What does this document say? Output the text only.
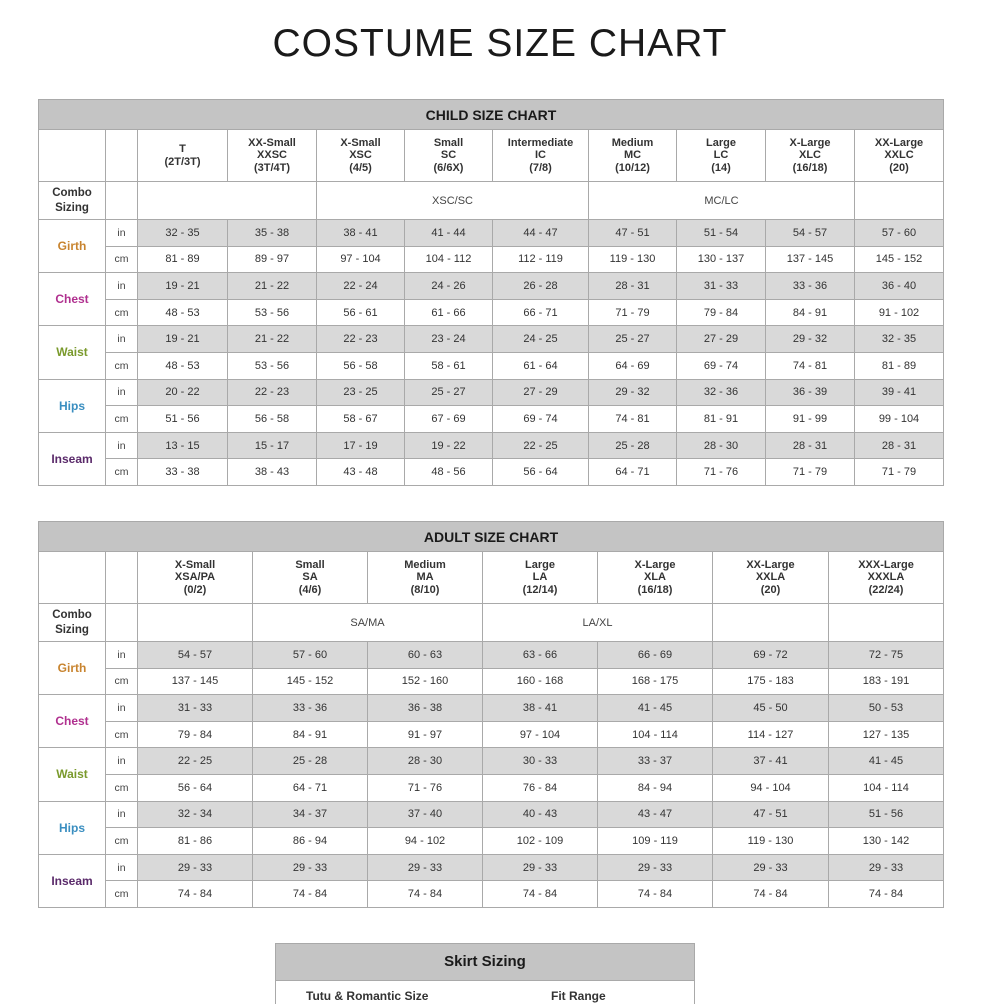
COSTUME SIZE CHART
CHILD SIZE CHART										

		T
(2T/3T)	XX-Small
XXSC
(3T/4T)	X-Small
XSC
(4/5)	Small
SC
(6/6X)	Intermediate
IC
(7/8)	Medium
MC
(10/12)	Large
LC
(14)	X-Large
XLC
(16/18)	XX-Large
XXLC
(20)

Combo Sizing				XSC/SC			MC/LC			
Girth	in	32 - 35	35 - 38	38 - 41	41 - 44	44 - 47	47 - 51	51 - 54	54 - 57	57 - 60
	cm	81 - 89	89 - 97	97 - 104	104 - 112	112 - 119	119 - 130	130 - 137	137 - 145	145 - 152
Chest	in	19 - 21	21 - 22	22 - 24	24 - 26	26 - 28	28 - 31	31 - 33	33 - 36	36 - 40
	cm	48 - 53	53 - 56	56 - 61	61 - 66	66 - 71	71 - 79	79 - 84	84 - 91	91 - 102
Waist	in	19 - 21	21 - 22	22 - 23	23 - 24	24 - 25	25 - 27	27 - 29	29 - 32	32 - 35
	cm	48 - 53	53 - 56	56 - 58	58 - 61	61 - 64	64 - 69	69 - 74	74 - 81	81 - 89
Hips	in	20 - 22	22 - 23	23 - 25	25 - 27	27 - 29	29 - 32	32 - 36	36 - 39	39 - 41
	cm	51 - 56	56 - 58	58 - 67	67 - 69	69 - 74	74 - 81	81 - 91	91 - 99	99 - 104
Inseam	in	13 - 15	15 - 17	17 - 19	19 - 22	22 - 25	25 - 28	28 - 30	28 - 31	28 - 31
	cm	33 - 38	38 - 43	43 - 48	48 - 56	56 - 64	64 - 71	71 - 76	71 - 79	71 - 79
ADULT SIZE CHART								

		X-Small
XSA/PA
(0/2)	Small
SA
(4/6)	Medium
MA
(8/10)	Large
LA
(12/14)	X-Large
XLA
(16/18)	XX-Large
XXLA
(20)	XXX-Large
XXXLA
(22/24)

Combo Sizing			SA/MA		LA/XL			
Girth	in	54 - 57	57 - 60	60 - 63	63 - 66	66 - 69	69 - 72	72 - 75
	cm	137 - 145	145 - 152	152 - 160	160 - 168	168 - 175	175 - 183	183 - 191
Chest	in	31 - 33	33 - 36	36 - 38	38 - 41	41 - 45	45 - 50	50 - 53
	cm	79 - 84	84 - 91	91 - 97	97 - 104	104 - 114	114 - 127	127 - 135
Waist	in	22 - 25	25 - 28	28 - 30	30 - 33	33 - 37	37 - 41	41 - 45
	cm	56 - 64	64 - 71	71 - 76	76 - 84	84 - 94	94 - 104	104 - 114
Hips	in	32 - 34	34 - 37	37 - 40	40 - 43	43 - 47	47 - 51	51 - 56
	cm	81 - 86	86 - 94	94 - 102	102 - 109	109 - 119	119 - 130	130 - 142
Inseam	in	29 - 33	29 - 33	29 - 33	29 - 33	29 - 33	29 - 33	29 - 33
	cm	74 - 84	74 - 84	74 - 84	74 - 84	74 - 84	74 - 84	74 - 84
Skirt Sizing
Tutu & Romantic Size	Fit Range
